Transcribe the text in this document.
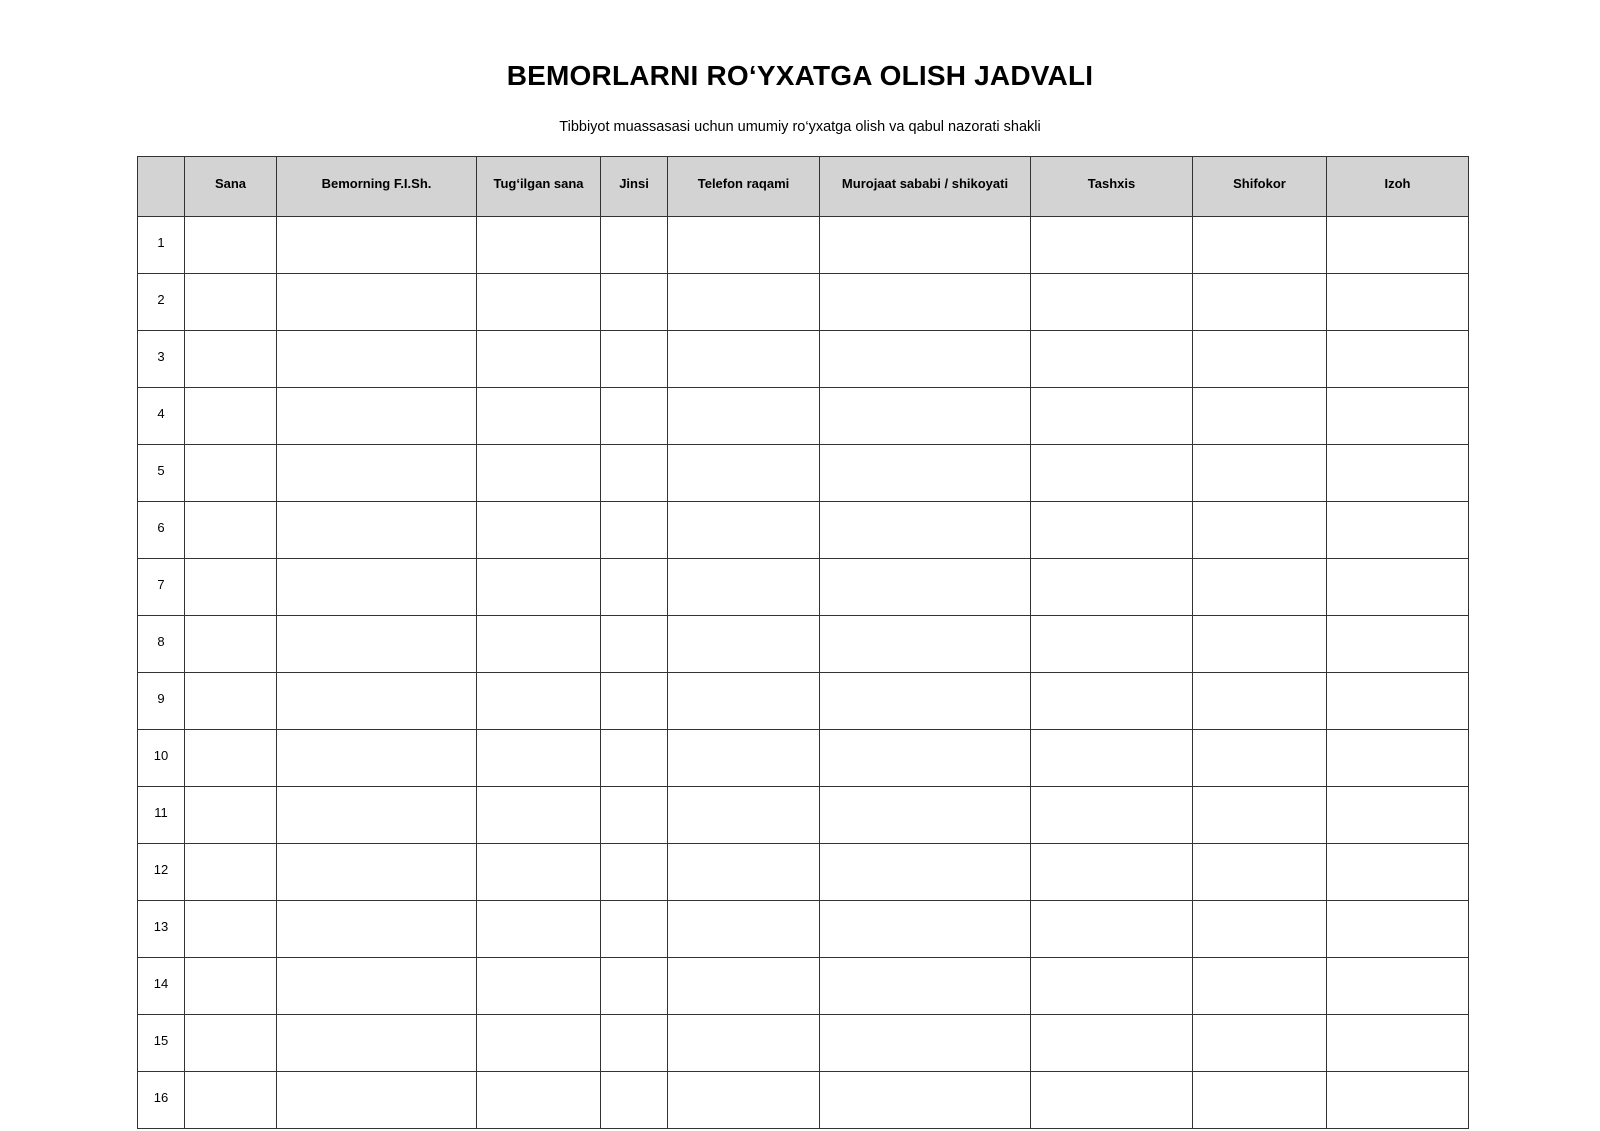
BEMORLARNI RO‘YXATGA OLISH JADVALI
Tibbiyot muassasasi uchun umumiy ro‘yxatga olish va qabul nazorati shakli
	Sana	Bemorning F.I.Sh.	Tug‘ilgan sana	Jinsi	Telefon raqami	Murojaat sababi / shikoyati	Tashxis	Shifokor	Izoh
1									
2									
3									
4									
5									
6									
7									
8									
9									
10									
11									
12									
13									
14									
15									
16									
